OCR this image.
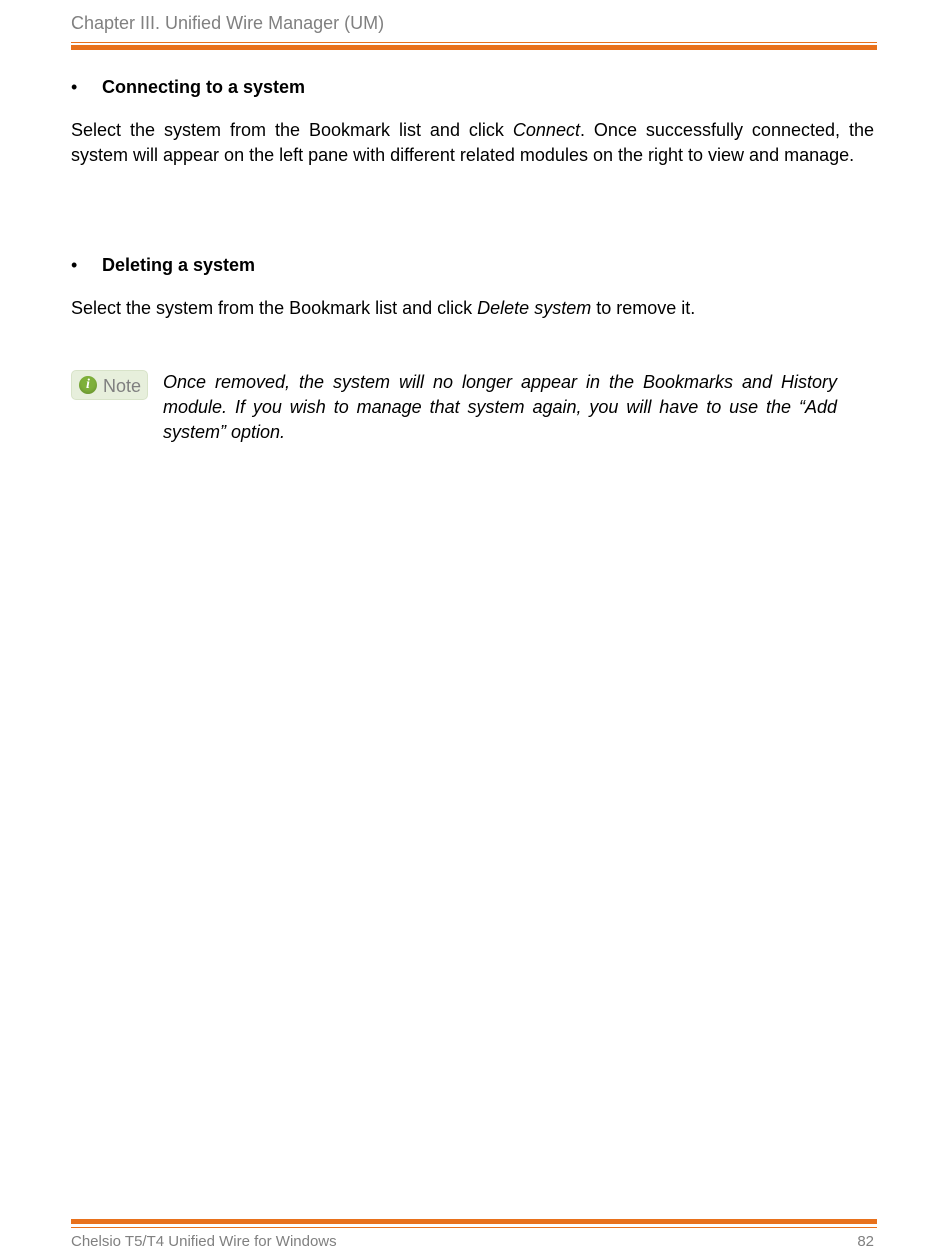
Chapter III. Unified Wire Manager (UM)
• Connecting to a system
Select the system from the Bookmark list and click Connect. Once successfully connected, the system will appear on the left pane with different related modules on the right to view and manage.
• Deleting a system
Select the system from the Bookmark list and click Delete system to remove it.
i Note Once removed, the system will no longer appear in the Bookmarks and History module. If you wish to manage that system again, you will have to use the “Add system” option.
Chelsio T5/T4 Unified Wire for Windows	82
